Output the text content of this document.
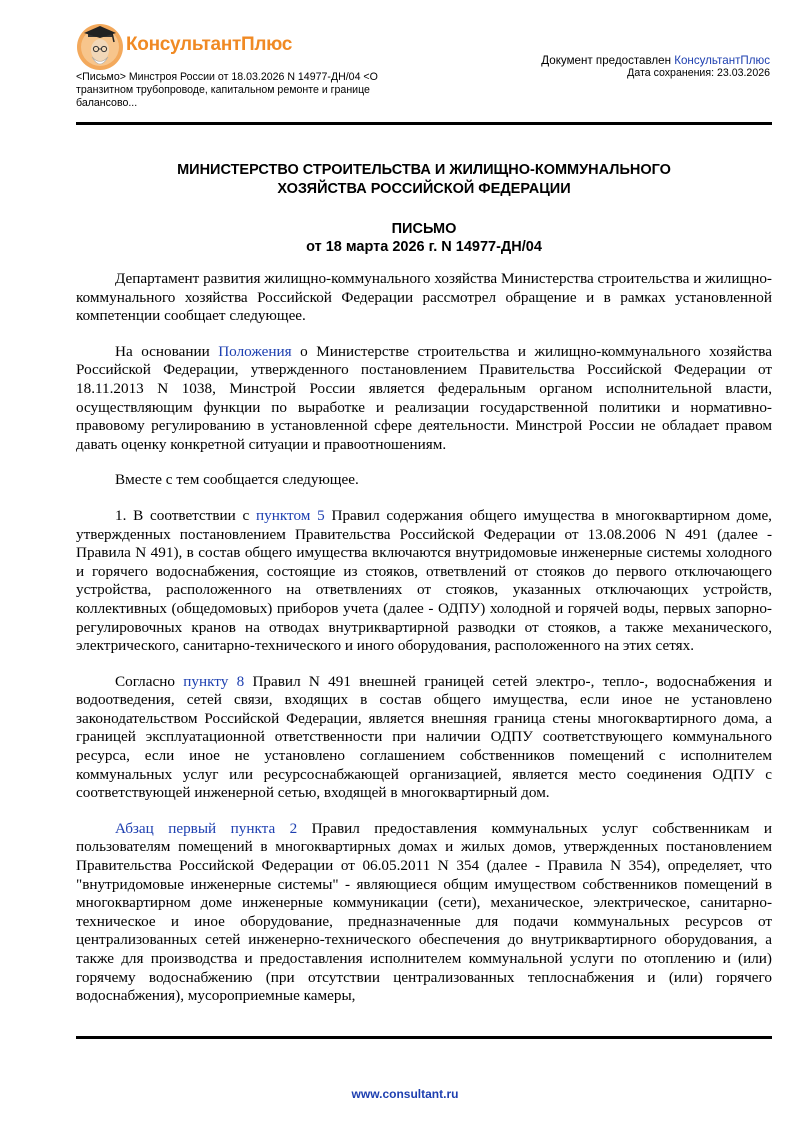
КонсультантПлюс
<Письмо> Минстроя России от 18.03.2026 N 14977-ДН/04 <О транзитном трубопроводе, капитальном ремонте и границе балансово...
Документ предоставлен КонсультантПлюс
Дата сохранения: 23.03.2026
МИНИСТЕРСТВО СТРОИТЕЛЬСТВА И ЖИЛИЩНО-КОММУНАЛЬНОГО
ХОЗЯЙСТВА РОССИЙСКОЙ ФЕДЕРАЦИИ
ПИСЬМО
от 18 марта 2026 г. N 14977-ДН/04

Департамент развития жилищно-коммунального хозяйства Министерства строительства и жилищно-коммунального хозяйства Российской Федерации рассмотрел обращение и в рамках установленной компетенции сообщает следующее.

На основании Положения о Министерстве строительства и жилищно-коммунального хозяйства Российской Федерации, утвержденного постановлением Правительства Российской Федерации от 18.11.2013 N 1038, Минстрой России является федеральным органом исполнительной власти, осуществляющим функции по выработке и реализации государственной политики и нормативно-правовому регулированию в установленной сфере деятельности. Минстрой России не обладает правом давать оценку конкретной ситуации и правоотношениям.

Вместе с тем сообщается следующее.

1. В соответствии с пунктом 5 Правил содержания общего имущества в многоквартирном доме, утвержденных постановлением Правительства Российской Федерации от 13.08.2006 N 491 (далее - Правила N 491), в состав общего имущества включаются внутридомовые инженерные системы холодного и горячего водоснабжения, состоящие из стояков, ответвлений от стояков до первого отключающего устройства, расположенного на ответвлениях от стояков, указанных отключающих устройств, коллективных (общедомовых) приборов учета (далее - ОДПУ) холодной и горячей воды, первых запорно-регулировочных кранов на отводах внутриквартирной разводки от стояков, а также механического, электрического, санитарно-технического и иного оборудования, расположенного на этих сетях.

Согласно пункту 8 Правил N 491 внешней границей сетей электро-, тепло-, водоснабжения и водоотведения, сетей связи, входящих в состав общего имущества, если иное не установлено законодательством Российской Федерации, является внешняя граница стены многоквартирного дома, а границей эксплуатационной ответственности при наличии ОДПУ соответствующего коммунального ресурса, если иное не установлено соглашением собственников помещений с исполнителем коммунальных услуг или ресурсоснабжающей организацией, является место соединения ОДПУ с соответствующей инженерной сетью, входящей в многоквартирный дом.

Абзац первый пункта 2 Правил предоставления коммунальных услуг собственникам и пользователям помещений в многоквартирных домах и жилых домов, утвержденных постановлением Правительства Российской Федерации от 06.05.2011 N 354 (далее - Правила N 354), определяет, что "внутридомовые инженерные системы" - являющиеся общим имуществом собственников помещений в многоквартирном доме инженерные коммуникации (сети), механическое, электрическое, санитарно-техническое и иное оборудование, предназначенные для подачи коммунальных ресурсов от централизованных сетей инженерно-технического обеспечения до внутриквартирного оборудования, а также для производства и предоставления исполнителем коммунальной услуги по отоплению и (или) горячему водоснабжению (при отсутствии централизованных теплоснабжения и (или) горячего водоснабжения), мусороприемные камеры,

www.consultant.ru
